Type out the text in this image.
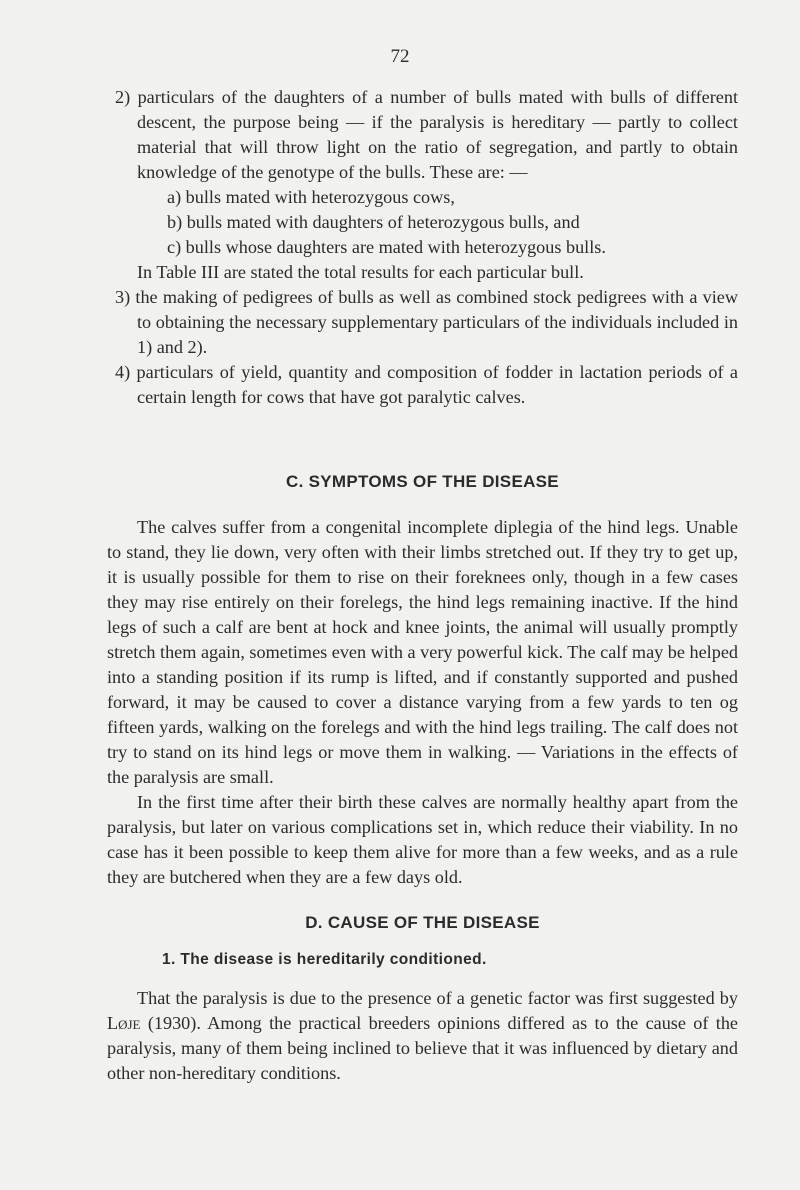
72

2) particulars of the daughters of a number of bulls mated with bulls of different descent, the purpose being — if the paralysis is hereditary — partly to collect material that will throw light on the ratio of segregation, and partly to obtain knowledge of the genotype of the bulls. These are: —

a) bulls mated with heterozygous cows,

b) bulls mated with daughters of heterozygous bulls, and

c) bulls whose daughters are mated with heterozygous bulls.

In Table III are stated the total results for each particular bull.

3) the making of pedigrees of bulls as well as combined stock pedigrees with a view to obtaining the necessary supplementary particulars of the individuals included in 1) and 2).

4) particulars of yield, quantity and composition of fodder in lactation periods of a certain length for cows that have got paralytic calves.

C. SYMPTOMS OF THE DISEASE

The calves suffer from a congenital incomplete diplegia of the hind legs. Unable to stand, they lie down, very often with their limbs stretched out. If they try to get up, it is usually possible for them to rise on their foreknees only, though in a few cases they may rise entirely on their forelegs, the hind legs remaining inactive. If the hind legs of such a calf are bent at hock and knee joints, the animal will usually promptly stretch them again, sometimes even with a very powerful kick. The calf may be helped into a standing position if its rump is lifted, and if constantly supported and pushed forward, it may be caused to cover a distance varying from a few yards to ten og fifteen yards, walking on the forelegs and with the hind legs trailing. The calf does not try to stand on its hind legs or move them in walking. — Variations in the effects of the paralysis are small.

In the first time after their birth these calves are normally healthy apart from the paralysis, but later on various complications set in, which reduce their viability. In no case has it been possible to keep them alive for more than a few weeks, and as a rule they are butchered when they are a few days old.

D. CAUSE OF THE DISEASE

1. The disease is hereditarily conditioned.

That the paralysis is due to the presence of a genetic factor was first suggested by Løje (1930). Among the practical breeders opinions differed as to the cause of the paralysis, many of them being inclined to believe that it was influenced by dietary and other non-hereditary conditions.
